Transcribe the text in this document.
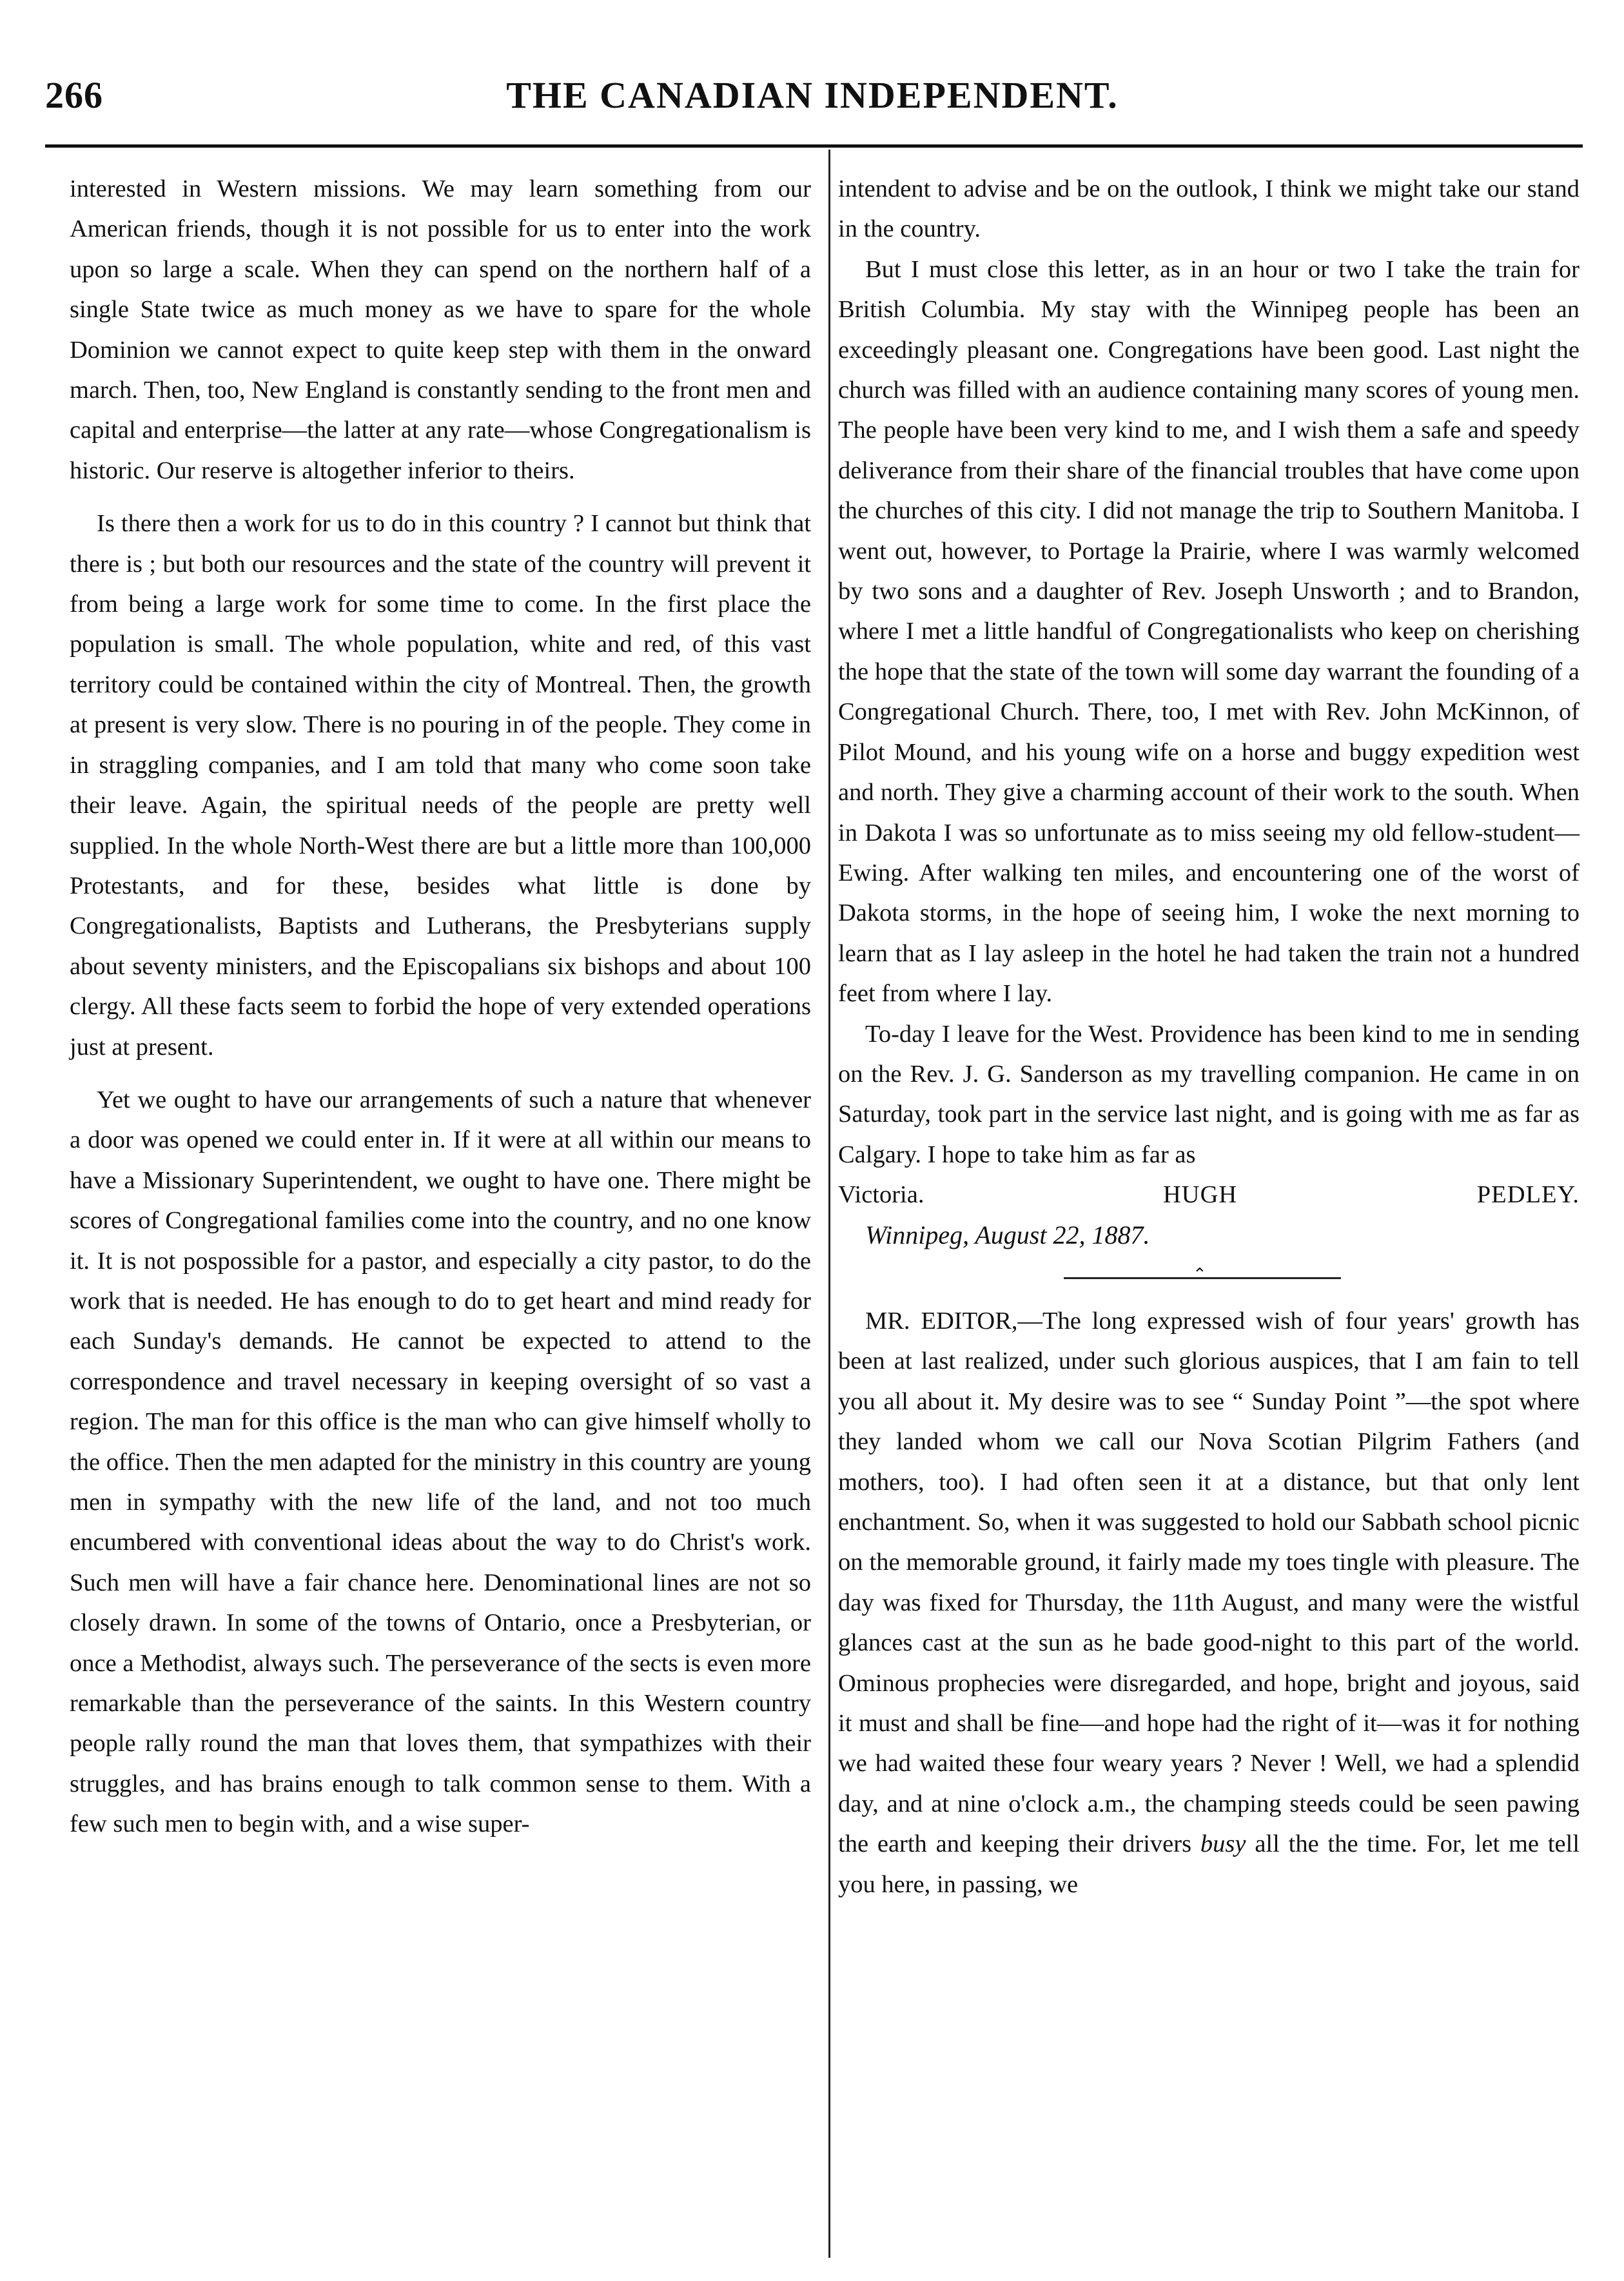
266	THE CANADIAN INDEPENDENT.

interested in Western missions. We may learn something from our American friends, though it is not possible for us to enter into the work upon so large a scale. When they can spend on the northern half of a single State twice as much money as we have to spare for the whole Dominion we cannot expect to quite keep step with them in the onward march. Then, too, New England is constantly sending to the front men and capital and enterprise—the latter at any rate—whose Congregationalism is historic. Our reserve is altogether inferior to theirs.

Is there then a work for us to do in this country ? I cannot but think that there is ; but both our resources and the state of the country will prevent it from being a large work for some time to come. In the first place the population is small. The whole population, white and red, of this vast territory could be contained within the city of Montreal. Then, the growth at present is very slow. There is no pouring in of the people. They come in in straggling companies, and I am told that many who come soon take their leave. Again, the spiritual needs of the people are pretty well supplied. In the whole North-West there are but a little more than 100,000 Protestants, and for these, besides what little is done by Congregationalists, Baptists and Lutherans, the Presbyterians supply about seventy ministers, and the Episcopalians six bishops and about 100 clergy. All these facts seem to forbid the hope of very extended operations just at present.

Yet we ought to have our arrangements of such a nature that whenever a door was opened we could enter in. If it were at all within our means to have a Missionary Superintendent, we ought to have one. There might be scores of Congregational families come into the country, and no one know it. It is not pospossible for a pastor, and especially a city pastor, to do the work that is needed. He has enough to do to get heart and mind ready for each Sunday's demands. He cannot be expected to attend to the correspondence and travel necessary in keeping oversight of so vast a region. The man for this office is the man who can give himself wholly to the office. Then the men adapted for the ministry in this country are young men in sympathy with the new life of the land, and not too much encumbered with conventional ideas about the way to do Christ's work. Such men will have a fair chance here. Denominational lines are not so closely drawn. In some of the towns of Ontario, once a Presbyterian, or once a Methodist, always such. The perseverance of the sects is even more remarkable than the perseverance of the saints. In this Western country people rally round the man that loves them, that sympathizes with their struggles, and has brains enough to talk common sense to them. With a few such men to begin with, and a wise super-

intendent to advise and be on the outlook, I think we might take our stand in the country.

But I must close this letter, as in an hour or two I take the train for British Columbia. My stay with the Winnipeg people has been an exceedingly pleasant one. Congregations have been good. Last night the church was filled with an audience containing many scores of young men. The people have been very kind to me, and I wish them a safe and speedy deliverance from their share of the financial troubles that have come upon the churches of this city. I did not manage the trip to Southern Manitoba. I went out, however, to Portage la Prairie, where I was warmly welcomed by two sons and a daughter of Rev. Joseph Unsworth ; and to Brandon, where I met a little handful of Congregationalists who keep on cherishing the hope that the state of the town will some day warrant the founding of a Congregational Church. There, too, I met with Rev. John McKinnon, of Pilot Mound, and his young wife on a horse and buggy expedition west and north. They give a charming account of their work to the south. When in Dakota I was so unfortunate as to miss seeing my old fellow-student—Ewing. After walking ten miles, and encountering one of the worst of Dakota storms, in the hope of seeing him, I woke the next morning to learn that as I lay asleep in the hotel he had taken the train not a hundred feet from where I lay.

To-day I leave for the West. Providence has been kind to me in sending on the Rev. J. G. Sanderson as my travelling companion. He came in on Saturday, took part in the service last night, and is going with me as far as Calgary. I hope to take him as far as

Victoria.	HUGH PEDLEY.

Winnipeg, August 22, 1887.

⌃

MR. EDITOR,—The long expressed wish of four years' growth has been at last realized, under such glorious auspices, that I am fain to tell you all about it. My desire was to see “ Sunday Point ”—the spot where they landed whom we call our Nova Scotian Pilgrim Fathers (and mothers, too). I had often seen it at a distance, but that only lent enchantment. So, when it was suggested to hold our Sabbath school picnic on the memorable ground, it fairly made my toes tingle with pleasure. The day was fixed for Thursday, the 11th August, and many were the wistful glances cast at the sun as he bade good-night to this part of the world. Ominous prophecies were disregarded, and hope, bright and joyous, said it must and shall be fine—and hope had the right of it—was it for nothing we had waited these four weary years ? Never ! Well, we had a splendid day, and at nine o'clock a.m., the champing steeds could be seen pawing the earth and keeping their drivers busy all the the time. For, let me tell you here, in passing, we
